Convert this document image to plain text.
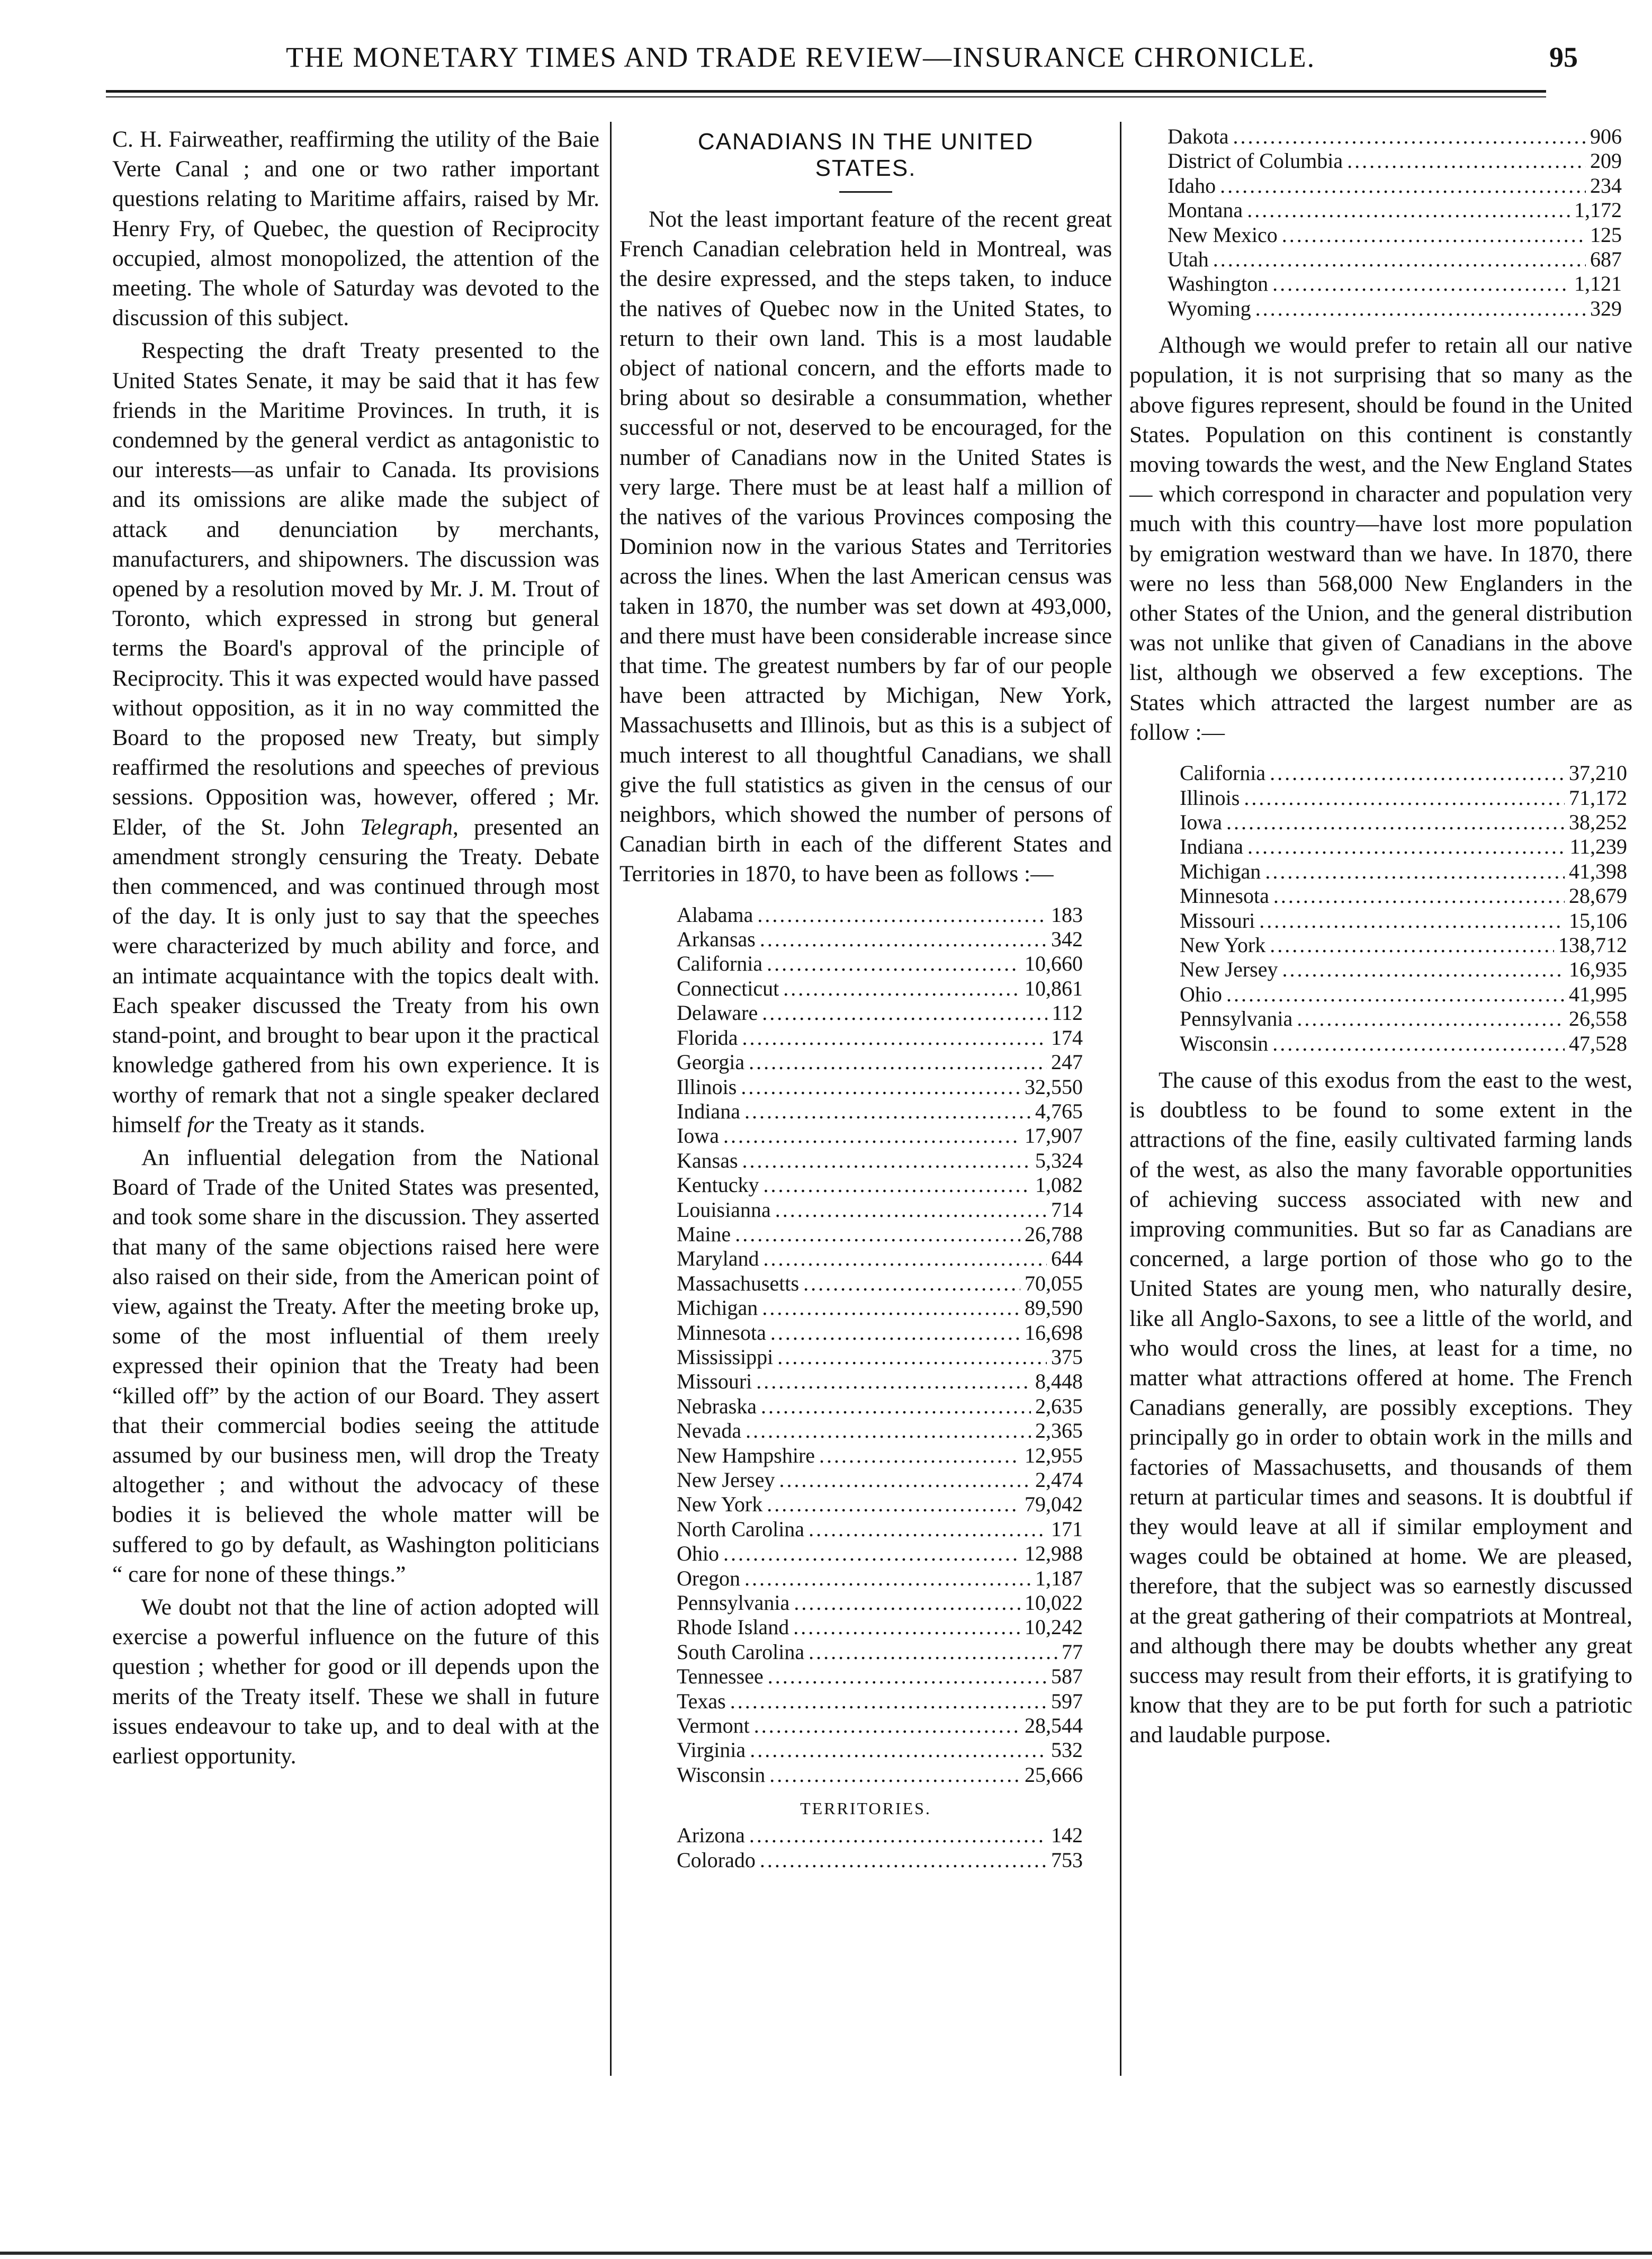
THE MONETARY TIMES AND TRADE REVIEW—INSURANCE CHRONICLE.	95

C. H. Fairweather, reaffirming the utility of the Baie Verte Canal ; and one or two rather important questions relating to Maritime affairs, raised by Mr. Henry Fry, of Quebec, the question of Reciprocity occupied, almost monopolized, the attention of the meeting. The whole of Saturday was devoted to the discussion of this subject.

Respecting the draft Treaty presented to the United States Senate, it may be said that it has few friends in the Maritime Provinces. In truth, it is condemned by the general verdict as antagonistic to our interests—as unfair to Canada. Its provisions and its omissions are alike made the subject of attack and denunciation by merchants, manufacturers, and shipowners. The discussion was opened by a resolution moved by Mr. J. M. Trout of Toronto, which expressed in strong but general terms the Board's approval of the principle of Reciprocity. This it was expected would have passed without opposition, as it in no way committed the Board to the proposed new Treaty, but simply reaffirmed the resolutions and speeches of previous sessions. Opposition was, however, offered ; Mr. Elder, of the St. John Telegraph, presented an amendment strongly censuring the Treaty. Debate then commenced, and was continued through most of the day. It is only just to say that the speeches were characterized by much ability and force, and an intimate acquaintance with the topics dealt with. Each speaker discussed the Treaty from his own stand-point, and brought to bear upon it the practical knowledge gathered from his own experience. It is worthy of remark that not a single speaker declared himself for the Treaty as it stands.

An influential delegation from the National Board of Trade of the United States was presented, and took some share in the discussion. They asserted that many of the same objections raised here were also raised on their side, from the American point of view, against the Treaty. After the meeting broke up, some of the most influential of them ıreely expressed their opinion that the Treaty had been “killed off” by the action of our Board. They assert that their commercial bodies seeing the attitude assumed by our business men, will drop the Treaty altogether ; and without the advocacy of these bodies it is believed the whole matter will be suffered to go by default, as Washington politicians “ care for none of these things.”

We doubt not that the line of action adopted will exercise a powerful influence on the future of this question ; whether for good or ill depends upon the merits of the Treaty itself. These we shall in future issues endeavour to take up, and to deal with at the earliest opportunity.

CANADIANS IN THE UNITED
STATES.

Not the least important feature of the recent great French Canadian celebration held in Montreal, was the desire expressed, and the steps taken, to induce the natives of Quebec now in the United States, to return to their own land. This is a most laudable object of national concern, and the efforts made to bring about so desirable a consummation, whether successful or not, deserved to be encouraged, for the number of Canadians now in the United States is very large. There must be at least half a million of the natives of the various Provinces composing the Dominion now in the various States and Territories across the lines. When the last American census was taken in 1870, the number was set down at 493,000, and there must have been considerable increase since that time. The greatest numbers by far of our people have been attracted by Michigan, New York, Massachusetts and Illinois, but as this is a subject of much interest to all thoughtful Canadians, we shall give the full statistics as given in the census of our neighbors, which showed the number of persons of Canadian birth in each of the different States and Territories in 1870, to have been as follows :—

Alabama .....	183
Arkansas .....	342
California .....	10,660
Connecticut .....	10,861
Delaware .....	112
Florida .....	174
Georgia .....	247
Illinois .....	32,550
Indiana .....	4,765
Iowa .....	17,907
Kansas .....	5,324
Kentucky .....	1,082
Louisianna .....	714
Maine .....	26,788
Maryland .....	644
Massachusetts .....	70,055
Michigan .....	89,590
Minnesota .....	16,698
Mississippi .....	375
Missouri .....	8,448
Nebraska .....	2,635
Nevada .....	2,365
New Hampshire .....	12,955
New Jersey .....	2,474
New York .....	79,042
North Carolina .....	171
Ohio .....	12,988
Oregon .....	1,187
Pennsylvania .....	10,022
Rhode Island .....	10,242
South Carolina .....	77
Tennessee .....	587
Texas .....	597
Vermont .....	28,544
Virginia .....	532
Wisconsin .....	25,666
TERRITORIES.
Arizona .....	142
Colorado .....	753
Dakota .....	906
District of Columbia .....	209
Idaho .....	234
Montana .....	1,172
New Mexico .....	125
Utah .....	687
Washington .....	1,121
Wyoming .....	329

Although we would prefer to retain all our native population, it is not surprising that so many as the above figures represent, should be found in the United States. Population on this continent is constantly moving towards the west, and the New England States — which correspond in character and population very much with this country—have lost more population by emigration westward than we have. In 1870, there were no less than 568,000 New Englanders in the other States of the Union, and the general distribution was not unlike that given of Canadians in the above list, although we observed a few exceptions. The States which attracted the largest number are as follow :—

California .....	37,210
Illinois .....	71,172
Iowa .....	38,252
Indiana .....	11,239
Michigan .....	41,398
Minnesota .....	28,679
Missouri .....	15,106
New York .....	138,712
New Jersey .....	16,935
Ohio .....	41,995
Pennsylvania .....	26,558
Wisconsin .....	47,528

The cause of this exodus from the east to the west, is doubtless to be found to some extent in the attractions of the fine, easily cultivated farming lands of the west, as also the many favorable opportunities of achieving success associated with new and improving communities. But so far as Canadians are concerned, a large portion of those who go to the United States are young men, who naturally desire, like all Anglo-Saxons, to see a little of the world, and who would cross the lines, at least for a time, no matter what attractions offered at home. The French Canadians generally, are possibly exceptions. They principally go in order to obtain work in the mills and factories of Massachusetts, and thousands of them return at particular times and seasons. It is doubtful if they would leave at all if similar employment and wages could be obtained at home. We are pleased, therefore, that the subject was so earnestly discussed at the great gathering of their compatriots at Montreal, and although there may be doubts whether any great success may result from their efforts, it is gratifying to know that they are to be put forth for such a patriotic and laudable purpose.
